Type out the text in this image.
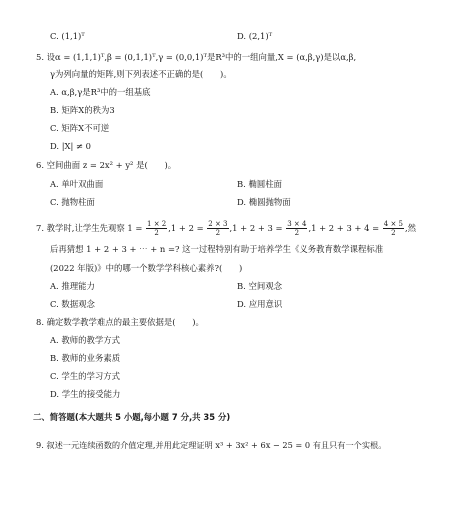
C. (1,1)ᵀ	D. (2,1)ᵀ
5. 设α = (1,1,1)ᵀ,β = (0,1,1)ᵀ,γ = (0,0,1)ᵀ是R³中的一组向量,X = (α,β,γ)是以α,β,
γ为列向量的矩阵,则下列表述不正确的是(　　)。
A. α,β,γ是R³中的一组基底
B. 矩阵X的秩为3
C. 矩阵X不可逆
D. |X| ≠ 0
6. 空间曲面 z = 2x² + y² 是(　　)。
A. 单叶双曲面	B. 椭圆柱面
C. 抛物柱面	D. 椭圆抛物面
7. 教学时,让学生先观察 $1 = \frac{1 \times 2}{2} ,1 + 2 = \frac{2 \times 3}{2} ,1 + 2 + 3 = \frac{3 \times 4}{2} ,1 + 2 + 3 + 4 = \frac{4 \times 5}{2}$ ,然
后再猜想 1 + 2 + 3 + ⋯ + n =? 这一过程特别有助于培养学生《义务教育数学课程标准
(2022 年版)》中的哪一个数学学科核心素养?(　　)
A. 推理能力	B. 空间观念
C. 数据观念	D. 应用意识
8. 确定数学教学难点的最主要依据是(　　)。
A. 教师的教学方式
B. 教师的业务素质
C. 学生的学习方式
D. 学生的接受能力
二、简答题(本大题共 5 小题,每小题 7 分,共 35 分)
9. 叙述一元连续函数的介值定理,并用此定理证明 x³ + 3x² + 6x − 25 = 0 有且只有一个实根。
